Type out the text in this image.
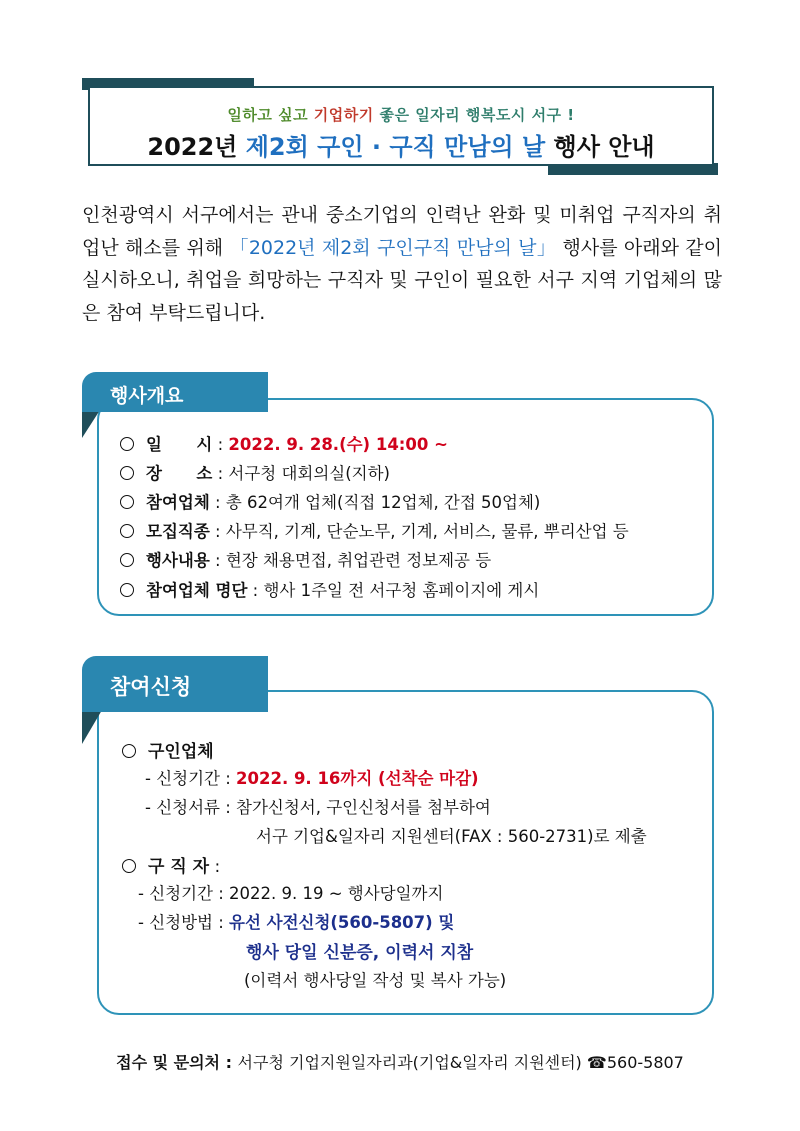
일하고 싶고 기업하기 좋은 일자리 행복도시 서구 !
2022년 제2회 구인 · 구직 만남의 날 행사 안내
인천광역시 서구에서는 관내 중소기업의 인력난 완화 및 미취업 구직자의 취업난 해소를 위해 「2022년 제2회 구인구직 만남의 날」 행사를 아래와 같이 실시하오니, 취업을 희망하는 구직자 및 구인이 필요한 서구 지역 기업체의 많은 참여 부탁드립니다.
행사개요
일      시 : 2022. 9. 28.(수) 14:00 ~
장      소 : 서구청 대회의실(지하)
참여업체 : 총 62여개 업체(직접 12업체, 간접 50업체)
모집직종 : 사무직, 기계, 단순노무, 기계, 서비스, 물류, 뿌리산업 등
행사내용 : 현장 채용면접, 취업관련 정보제공 등
참여업체 명단 : 행사 1주일 전 서구청 홈페이지에 게시
참여신청
구인업체
- 신청기간 : 2022. 9. 16까지 (선착순 마감)
- 신청서류 : 참가신청서, 구인신청서를 첨부하여
서구 기업&일자리 지원센터(FAX : 560-2731)로 제출
구 직 자 :
- 신청기간 : 2022. 9. 19 ~ 행사당일까지
- 신청방법 : 유선 사전신청(560-5807) 및
행사 당일 신분증, 이력서 지참
(이력서 행사당일 작성 및 복사 가능)
접수 및 문의처 : 서구청 기업지원일자리과(기업&일자리 지원센터) ☎560-5807
